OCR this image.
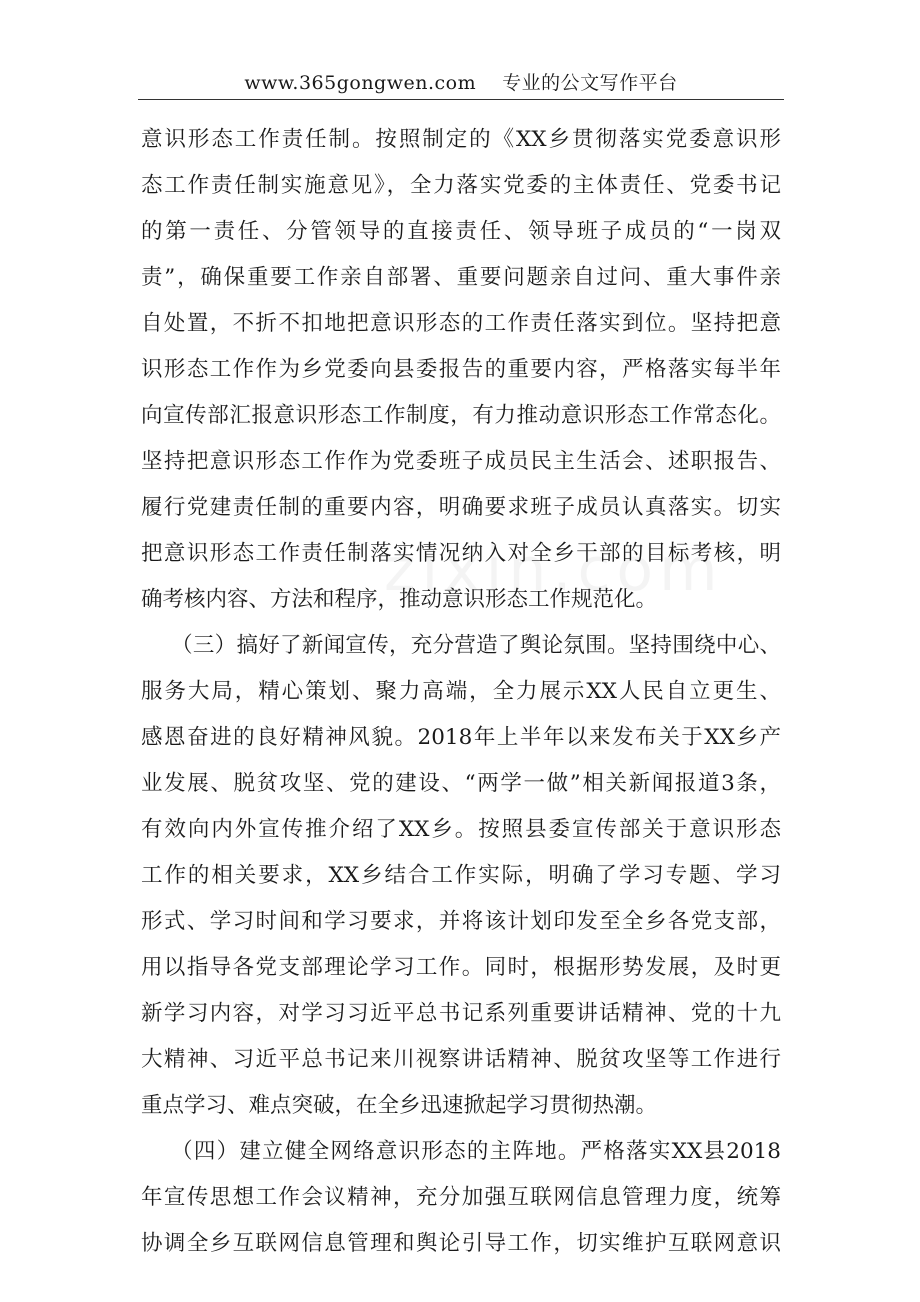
www.365gongwen.com 专业的公文写作平台
意识形态工作责任制。按照制定的《XX乡贯彻落实党委意识形
态工作责任制实施意见》，全力落实党委的主体责任、党委书记
的第一责任、分管领导的直接责任、领导班子成员的“一岗双
责”，确保重要工作亲自部署、重要问题亲自过问、重大事件亲
自处置，不折不扣地把意识形态的工作责任落实到位。坚持把意
识形态工作作为乡党委向县委报告的重要内容，严格落实每半年
向宣传部汇报意识形态工作制度，有力推动意识形态工作常态化。
坚持把意识形态工作作为党委班子成员民主生活会、述职报告、
履行党建责任制的重要内容，明确要求班子成员认真落实。切实
把意识形态工作责任制落实情况纳入对全乡干部的目标考核，明
确考核内容、方法和程序，推动意识形态工作规范化。
（三）搞好了新闻宣传，充分营造了舆论氛围。坚持围绕中心、
服务大局，精心策划、聚力高端，全力展示XX人民自立更生、
感恩奋进的良好精神风貌。2018年上半年以来发布关于XX乡产
业发展、脱贫攻坚、党的建设、“两学一做”相关新闻报道3条，
有效向内外宣传推介绍了XX乡。按照县委宣传部关于意识形态
工作的相关要求，XX乡结合工作实际，明确了学习专题、学习
形式、学习时间和学习要求，并将该计划印发至全乡各党支部，
用以指导各党支部理论学习工作。同时，根据形势发展，及时更
新学习内容，对学习习近平总书记系列重要讲话精神、党的十九
大精神、习近平总书记来川视察讲话精神、脱贫攻坚等工作进行
重点学习、难点突破，在全乡迅速掀起学习贯彻热潮。
（四）建立健全网络意识形态的主阵地。严格落实XX县2018
年宣传思想工作会议精神，充分加强互联网信息管理力度，统筹
协调全乡互联网信息管理和舆论引导工作，切实维护互联网意识
